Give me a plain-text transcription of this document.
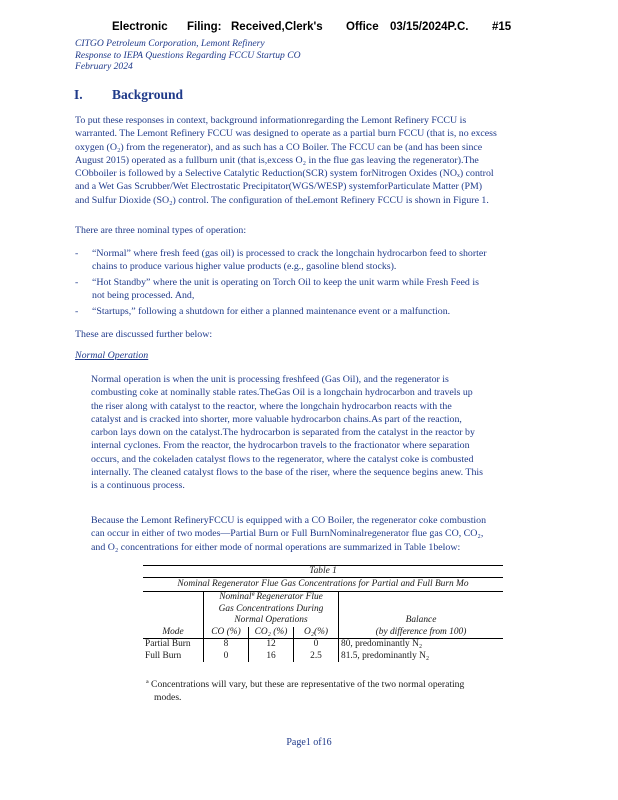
Electronic	Filing: Received,Clerk's	Office 03/15/2024P.C.	#15
CITGO Petroleum Corporation, Lemont Refinery
Response to IEPA Questions Regarding FCCU Startup CO
February 2024
I.	Background
To put these responses in context, background informationregarding the Lemont Refinery FCCU is
warranted. The Lemont Refinery FCCU was designed to operate as a partial burn FCCU (that is, no excess
oxygen (O₂) from the regenerator), and as such has a CO Boiler. The FCCU can be (and has been since
August 2015) operated as a fullburn unit (that is,excess O₂ in the flue gas leaving the regenerator).The
CObboiler is followed by a Selective Catalytic Reduction(SCR) system forNitrogen Oxides (NOₓ) control
and a Wet Gas Scrubber/Wet Electrostatic Precipitator(WGS/WESP) systemforParticulate Matter (PM)
and Sulfur Dioxide (SO₂) control. The configuration of theLemont Refinery FCCU is shown in Figure 1.
There are three nominal types of operation:
- “Normal” where fresh feed (gas oil) is processed to crack the longchain hydrocarbon feed to shorter
chains to produce various higher value products (e.g., gasoline blend stocks).
- “Hot Standby” where the unit is operating on Torch Oil to keep the unit warm while Fresh Feed is
not being processed. And,
- “Startups,” following a shutdown for either a planned maintenance event or a malfunction.
These are discussed further below:
Normal Operation
Normal operation is when the unit is processing freshfeed (Gas Oil), and the regenerator is
combusting coke at nominally stable rates.TheGas Oil is a longchain hydrocarbon and travels up
the riser along with catalyst to the reactor, where the longchain hydrocarbon reacts with the
catalyst and is cracked into shorter, more valuable hydrocarbon chains.As part of the reaction,
carbon lays down on the catalyst.The hydrocarbon is separated from the catalyst in the reactor by
internal cyclones. From the reactor, the hydrocarbon travels to the fractionator where separation
occurs, and the cokeladen catalyst flows to the regenerator, where the catalyst coke is combusted
internally. The cleaned catalyst flows to the base of the riser, where the sequence begins anew. This
is a continuous process.
Because the Lemont RefineryFCCU is equipped with a CO Boiler, the regenerator coke combustion
can occur in either of two modes—Partial Burn or Full BurnNominalregenerator flue gas CO, CO₂,
and O₂ concentrations for either mode of normal operations are summarized in Table 1below:
Table 1
Nominal Regenerator Flue Gas Concentrations for Partial and Full Burn Mo

	Nominalª Regenerator Flue
Gas Concentrations During
Normal Operations			Balance

Mode	CO (%)	CO₂ (%)	O₂(%)	(by difference from 100)
Partial Burn	8	12	0	80, predominantly N₂
Full Burn	0	16	2.5	81.5, predominantly N₂
ª Concentrations will vary, but these are representative of the two normal operating
modes.
Page1 of16
